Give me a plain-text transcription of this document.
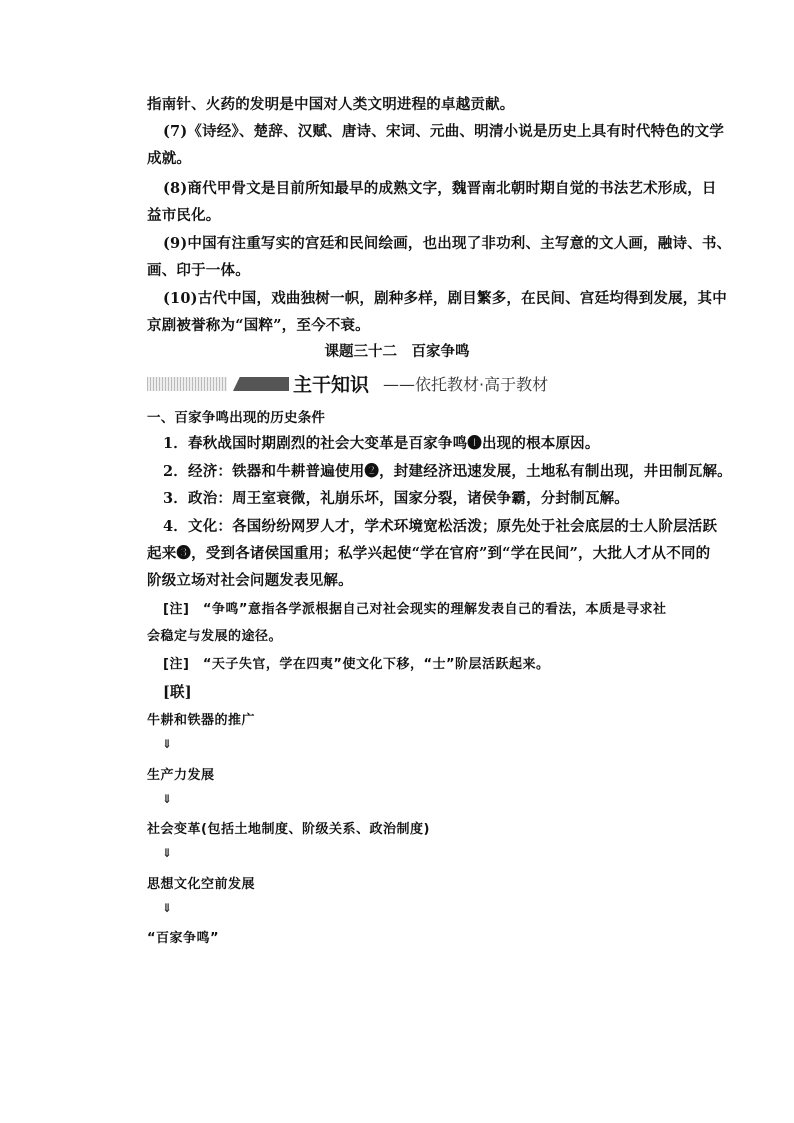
指南针、火药的发明是中国对人类文明进程的卓越贡献。
(7)《诗经》、楚辞、汉赋、唐诗、宋词、元曲、明清小说是历史上具有时代特色的文学
成就。
(8)商代甲骨文是目前所知最早的成熟文字，魏晋南北朝时期自觉的书法艺术形成，日
益市民化。
(9)中国有注重写实的宫廷和民间绘画，也出现了非功利、主写意的文人画，融诗、书、
画、印于一体。
(10)古代中国，戏曲独树一帜，剧种多样，剧目繁多，在民间、宫廷均得到发展，其中
京剧被誉称为“国粹”，至今不衰。
课题三十二　百家争鸣
主干知识 ——依托教材·高于教材
一、百家争鸣出现的历史条件
1．春秋战国时期剧烈的社会大变革是百家争鸣❶出现的根本原因。
2．经济：铁器和牛耕普遍使用❷，封建经济迅速发展，土地私有制出现，井田制瓦解。
3．政治：周王室衰微，礼崩乐坏，国家分裂，诸侯争霸，分封制瓦解。
4．文化：各国纷纷网罗人才，学术环境宽松活泼；原先处于社会底层的士人阶层活跃
起来❸，受到各诸侯国重用；私学兴起使“学在官府”到“学在民间”，大批人才从不同的
阶级立场对社会问题发表见解。
[注]　“争鸣”意指各学派根据自己对社会现实的理解发表自己的看法，本质是寻求社
会稳定与发展的途径。
[注]　“天子失官，学在四夷”使文化下移，“士”阶层活跃起来。
[联]
牛耕和铁器的推广
⇓
生产力发展
⇓
社会变革(包括土地制度、阶级关系、政治制度)
⇓
思想文化空前发展
⇓
“百家争鸣”
